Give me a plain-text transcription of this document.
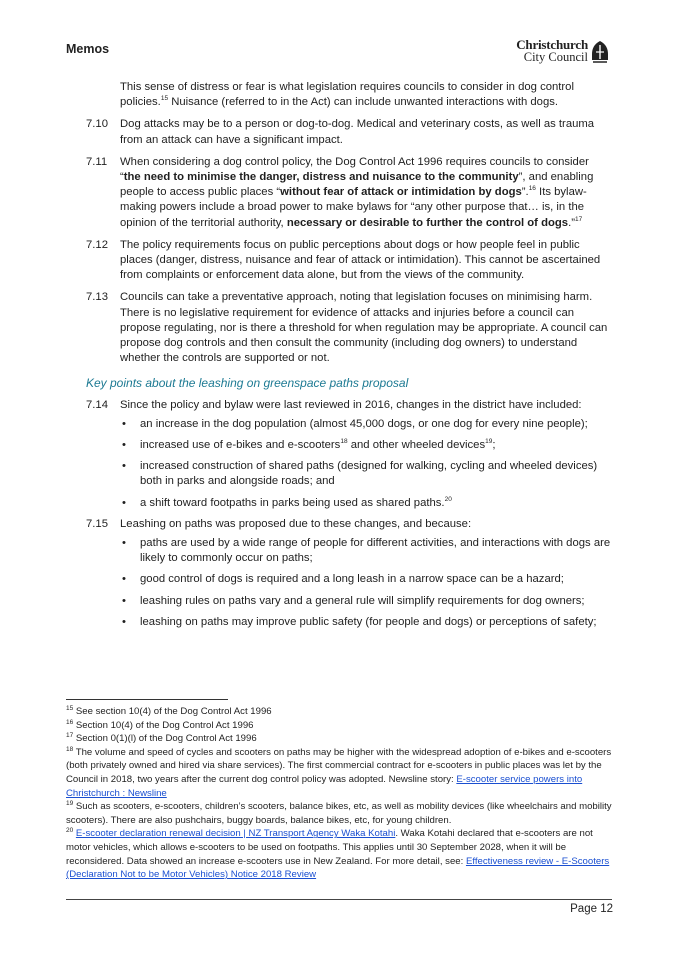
Memos	Christchurch
City Council

This sense of distress or fear is what legislation requires councils to consider in dog control policies.$^{15}$ Nuisance (referred to in the Act) can include unwanted interactions with dogs.

7.10 Dog attacks may be to a person or dog-to-dog. Medical and veterinary costs, as well as trauma from an attack can have a significant impact.

7.11 When considering a dog control policy, the Dog Control Act 1996 requires councils to consider “the need to minimise the danger, distress and nuisance to the community”, and enabling people to access public places “without fear of attack or intimidation by dogs”.$^{16}$ Its bylaw-making powers include a broad power to make bylaws for “any other purpose that… is, in the opinion of the territorial authority, necessary or desirable to further the control of dogs.”$^{17}$

7.12 The policy requirements focus on public perceptions about dogs or how people feel in public places (danger, distress, nuisance and fear of attack or intimidation). This cannot be ascertained from complaints or enforcement data alone, but from the views of the community.

7.13 Councils can take a preventative approach, noting that legislation focuses on minimising harm. There is no legislative requirement for evidence of attacks and injuries before a council can propose regulating, nor is there a threshold for when regulation may be appropriate. A council can propose dog controls and then consult the community (including dog owners) to understand whether the controls are supported or not.

Key points about the leashing on greenspace paths proposal

7.14 Since the policy and bylaw were last reviewed in 2016, changes in the district have included:

• an increase in the dog population (almost 45,000 dogs, or one dog for every nine people);
• increased use of e-bikes and e-scooters$^{18}$ and other wheeled devices$^{19}$;
• increased construction of shared paths (designed for walking, cycling and wheeled devices) both in parks and alongside roads; and
• a shift toward footpaths in parks being used as shared paths.$^{20}$

7.15 Leashing on paths was proposed due to these changes, and because:

• paths are used by a wide range of people for different activities, and interactions with dogs are likely to commonly occur on paths;
• good control of dogs is required and a long leash in a narrow space can be a hazard;
• leashing rules on paths vary and a general rule will simplify requirements for dog owners;
• leashing on paths may improve public safety (for people and dogs) or perceptions of safety;

$^{15}$ See section 10(4) of the Dog Control Act 1996

$^{16}$ Section 10(4) of the Dog Control Act 1996

$^{17}$ Section 0(1)(l) of the Dog Control Act 1996

$^{18}$ The volume and speed of cycles and scooters on paths may be higher with the widespread adoption of e-bikes and e-scooters (both privately owned and hired via share services). The first commercial contract for e-scooters in public places was let by the Council in 2018, two years after the current dog control policy was adopted. Newsline story: E-scooter service powers into Christchurch : Newsline

$^{19}$ Such as scooters, e-scooters, children’s scooters, balance bikes, etc, as well as mobility devices (like wheelchairs and mobility scooters). There are also pushchairs, buggy boards, balance bikes, etc, for young children.

$^{20}$ E-scooter declaration renewal decision | NZ Transport Agency Waka Kotahi. Waka Kotahi declared that e-scooters are not motor vehicles, which allows e-scooters to be used on footpaths. This applies until 30 September 2028, when it will be reconsidered. Data showed an increase e-scooters use in New Zealand. For more detail, see: Effectiveness review - E-Scooters (Declaration Not to be Motor Vehicles) Notice 2018 Review

Page 12
